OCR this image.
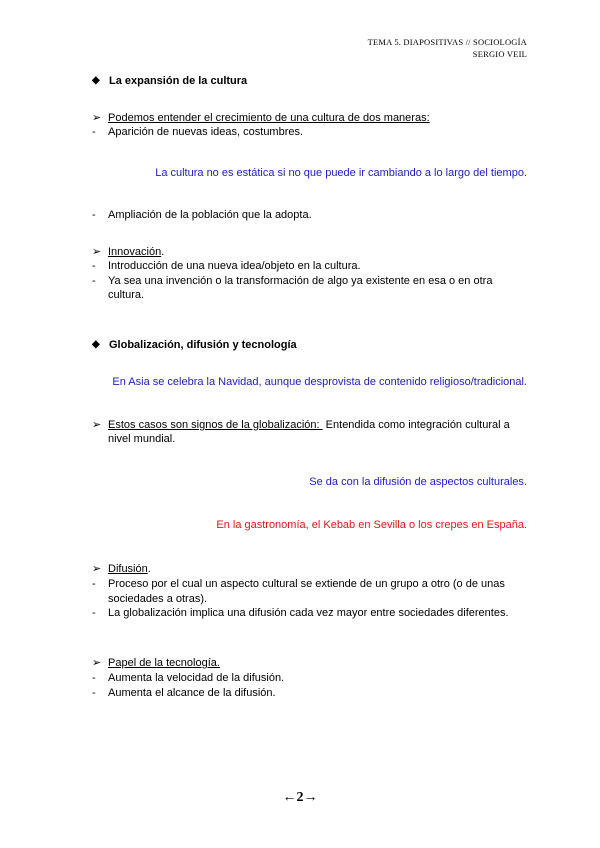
TEMA 5. DIAPOSITIVAS // SOCIOLOGÍA
SERGIO VEIL
◆ La expansión de la cultura
➢ Podemos entender el crecimiento de una cultura de dos maneras:
- Aparición de nuevas ideas, costumbres.
La cultura no es estática si no que puede ir cambiando a lo largo del tiempo.
- Ampliación de la población que la adopta.
➢ Innovación.
- Introducción de una nueva idea/objeto en la cultura.
- Ya sea una invención o la transformación de algo ya existente en esa o en otra
cultura.
◆ Globalización, difusión y tecnología
En Asia se celebra la Navidad, aunque desprovista de contenido religioso/tradicional.
➢ Estos casos son signos de la globalización:  Entendida como integración cultural a
nivel mundial.
Se da con la difusión de aspectos culturales.
En la gastronomía, el Kebab en Sevilla o los crepes en España.
➢ Difusión.
- Proceso por el cual un aspecto cultural se extiende de un grupo a otro (o de unas
sociedades a otras).
- La globalización implica una difusión cada vez mayor entre sociedades diferentes.
➢ Papel de la tecnología.
- Aumenta la velocidad de la difusión.
- Aumenta el alcance de la difusión.
←2→
